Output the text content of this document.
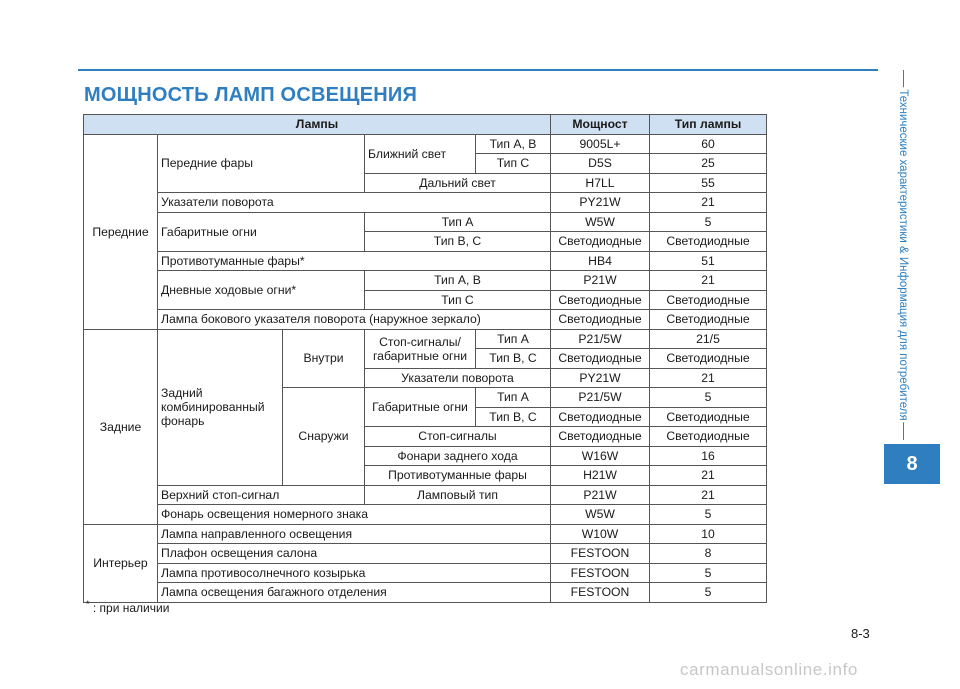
МОЩНОСТЬ ЛАМП ОСВЕЩЕНИЯ
Лампы					Мощност	Тип лампы
Передние	Передние фары		Ближний свет	Тип A, B	9005L+	60
				Тип C	D5S	25
			Дальний свет		H7LL	55
	Указатели поворота				PY21W	21
	Габаритные огни		Тип A		W5W	5
			Тип B, C		Светодиодные	Светодиодные
	Противотуманные фары*				HB4	51
	Дневные ходовые огни*		Тип A, B		P21W	21
			Тип C		Светодиодные	Светодиодные
	Лампа бокового указателя поворота (наружное зеркало)				Светодиодные	Светодиодные
Задние	Задний комбинированный фонарь	Внутри	Стоп-сигналы/ габаритные огни	Тип A	P21/5W	21/5
				Тип B, C	Светодиодные	Светодиодные
			Указатели поворота		PY21W	21
		Снаружи	Габаритные огни	Тип A	P21/5W	5
				Тип B, C	Светодиодные	Светодиодные
			Стоп-сигналы		Светодиодные	Светодиодные
			Фонари заднего хода		W16W	16
			Противотуманные фары		H21W	21
	Верхний стоп-сигнал		Ламповый тип		P21W	21
	Фонарь освещения номерного знака				W5W	5
Интерьер	Лампа направленного освещения				W10W	10
	Плафон освещения салона				FESTOON	8
	Лампа противосолнечного козырька				FESTOON	5
	Лампа освещения багажного отделения				FESTOON	5
* : при наличии
Технические характеристики & Информация для потребителя
8
8-3
carmanualsonline.info
